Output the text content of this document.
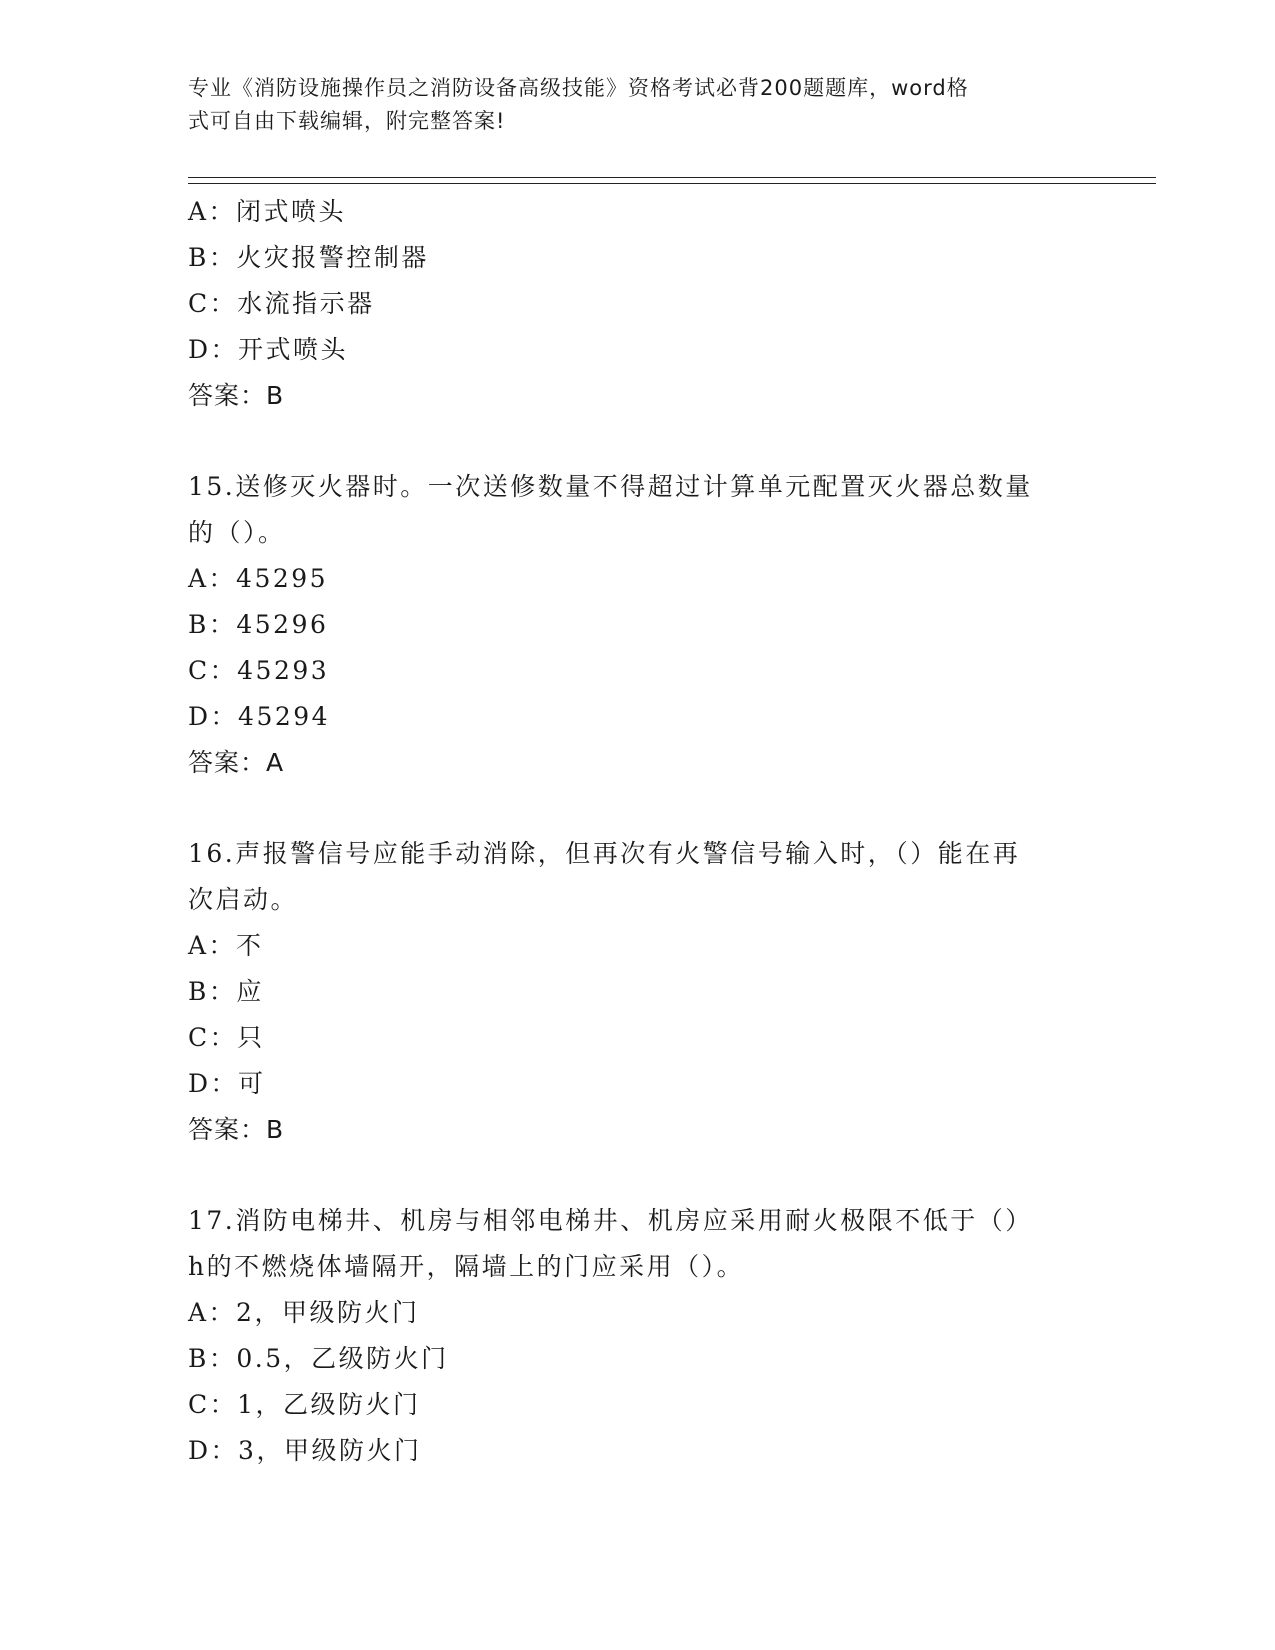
专业《消防设施操作员之消防设备高级技能》资格考试必背200题题库，word格
式可自由下载编辑，附完整答案!
A：闭式喷头
B：火灾报警控制器
C：水流指示器
D：开式喷头
答案：B
15.送修灭火器时。一次送修数量不得超过计算单元配置灭火器总数量
的（）。
A：45295
B：45296
C：45293
D：45294
答案：A
16.声报警信号应能手动消除，但再次有火警信号输入时，（）能在再
次启动。
A：不
B：应
C：只
D：可
答案：B
17.消防电梯井、机房与相邻电梯井、机房应采用耐火极限不低于（）
h的不燃烧体墙隔开，隔墙上的门应采用（）。
A：2，甲级防火门
B：0.5，乙级防火门
C：1，乙级防火门
D：3，甲级防火门
